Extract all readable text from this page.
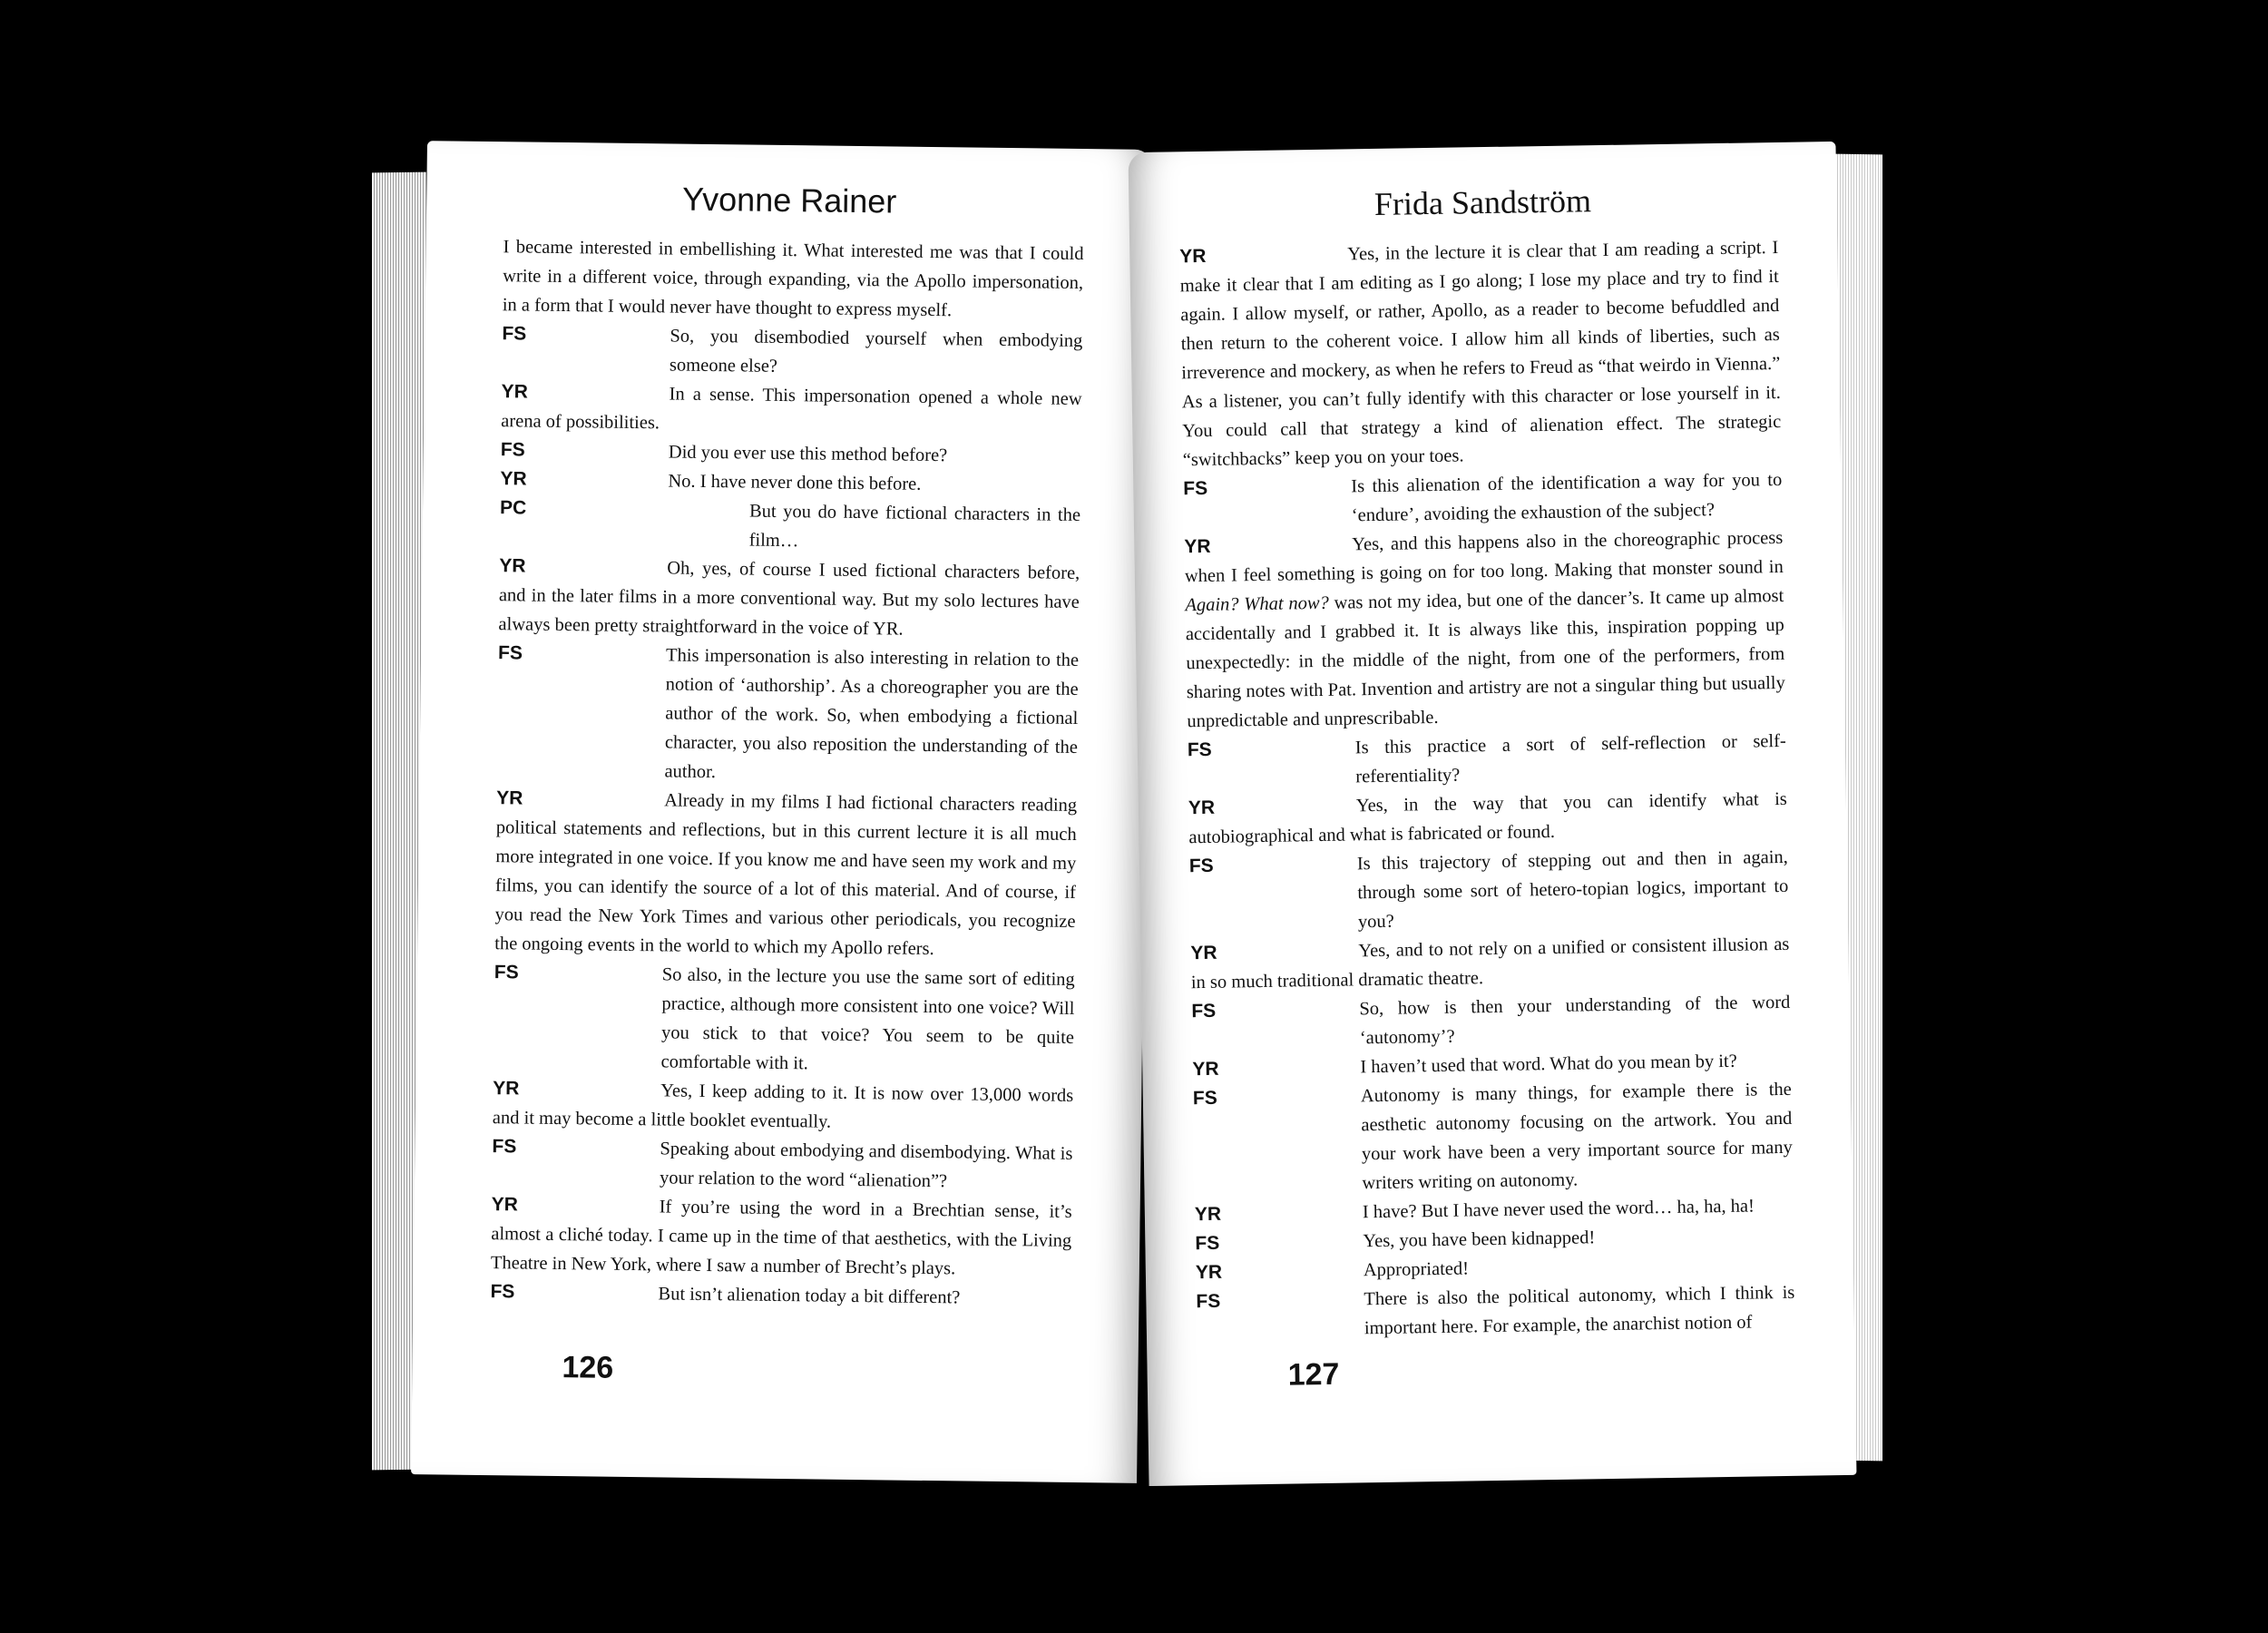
Yvonne Rainer
I became interested in embellishing it. What interested me was that I could write in a different voice, through expanding, via the Apollo impersonation, in a form that I would never have thought to express myself.
FS	So, you disembodied yourself when embodying someone else?
YR	In a sense. This impersonation opened a whole new arena of possibilities.
FS	Did you ever use this method before?
YR	No. I have never done this before.
PC	But you do have fictional characters in the film…
YR	Oh, yes, of course I used fictional characters before, and in the later films in a more conventional way. But my solo lectures have always been pretty straightforward in the voice of YR.
FS	This impersonation is also interesting in relation to the notion of ‘authorship’. As a choreographer you are the author of the work. So, when embodying a fictional character, you also reposition the understanding of the author.
YR	Already in my films I had fictional characters reading political statements and reflections, but in this current lecture it is all much more integrated in one voice. If you know me and have seen my work and my films, you can identify the source of a lot of this material. And of course, if you read the New York Times and various other periodicals, you recognize the ongoing events in the world to which my Apollo refers.
FS	So also, in the lecture you use the same sort of editing practice, although more consistent into one voice? Will you stick to that voice? You seem to be quite comfortable with it.
YR	Yes, I keep adding to it. It is now over 13,000 words and it may become a little booklet eventually.
FS	Speaking about embodying and disembodying. What is your relation to the word “alienation”?
YR	If you’re using the word in a Brechtian sense, it’s almost a cliché today. I came up in the time of that aesthetics, with the Living Theatre in New York, where I saw a number of Brecht’s plays.
FS	But isn’t alienation today a bit different?
126
Frida Sandström
YR	Yes, in the lecture it is clear that I am reading a script. I make it clear that I am editing as I go along; I lose my place and try to find it again. I allow myself, or rather, Apollo, as a reader to become befuddled and then return to the coherent voice. I allow him all kinds of liberties, such as irreverence and mockery, as when he refers to Freud as “that weirdo in Vienna.” As a listener, you can’t fully identify with this character or lose yourself in it. You could call that strategy a kind of alienation effect. The strategic “switchbacks” keep you on your toes.
FS	Is this alienation of the identification a way for you to ‘endure’, avoiding the exhaustion of the subject?
YR	Yes, and this happens also in the choreographic process when I feel something is going on for too long. Making that monster sound in Again? What now? was not my idea, but one of the dancer’s. It came up almost accidentally and I grabbed it. It is always like this, inspiration popping up unexpectedly: in the middle of the night, from one of the performers, from sharing notes with Pat. Invention and artistry are not a singular thing but usually unpredictable and unprescribable.
FS	Is this practice a sort of self-reflection or self-referentiality?
YR	Yes, in the way that you can identify what is autobiographical and what is fabricated or found.
FS	Is this trajectory of stepping out and then in again, through some sort of hetero-topian logics, important to you?
YR	Yes, and to not rely on a unified or consistent illusion as in so much traditional dramatic theatre.
FS	So, how is then your understanding of the word ‘autonomy’?
YR	I haven’t used that word. What do you mean by it?
FS	Autonomy is many things, for example there is the aesthetic autonomy focusing on the artwork. You and your work have been a very important source for many writers writing on autonomy.
YR	I have? But I have never used the word… ha, ha, ha!
FS	Yes, you have been kidnapped!
YR	Appropriated!
FS	There is also the political autonomy, which I think is important here. For example, the anarchist notion of
127
